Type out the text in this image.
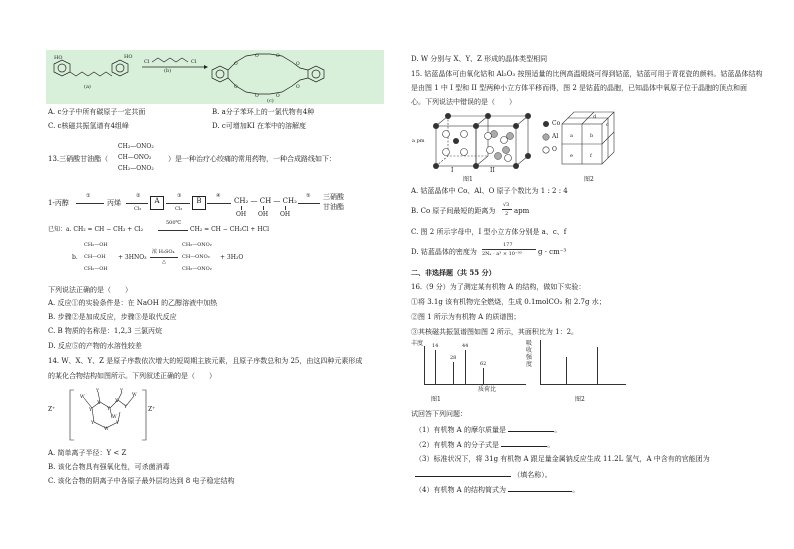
HO	HO
(a)
Cl	Cl
(b)
O
O	O
O
O
O	O
O
(c)
A. c分子中所有碳原子一定共面	B. a分子苯环上的一氯代物有4种
C. c核磁共振氢谱有4组峰	D. c可增加KI 在苯中的溶解度
13.三硝酸甘油酯（
CH₂—ONO₂
CH—ONO₂
CH₂—ONO₂
）是一种治疗心绞痛的常用药物，一种合成路线如下：
1-丙醇
①
丙烯
②
Cl₂
A
③
Cl₂
B
④
CH₂ — CH — CH₂
OH OH OH
⑤ 三硝酸
甘油酯
已知：a. CH₂ = CH − CH₃ + Cl₂
500℃
CH₂ = CH − CH₂Cl + HCl
b.
CH₂—OH
CH—OH
CH₂—OH
+ 3HNO₃
浓 H₂SO₄
△
CH₂—ONO₂
CH—ONO₂
CH₂—ONO₂
+ 3H₂O
下列说法正确的是（　　）
A. 反应①的实验条件是：在 NaOH 的乙醇溶液中加热
B. 步骤②是加成反应，步骤③是取代反应
C. B 物质的名称是：1,2,3 三氯丙烷
D. 反应⑤的产物的水溶性较差
14. W、X、Y、Z 是原子序数依次增大的短周期主族元素，且原子序数总和为 25，由这四种元素形成
的某化合物结构如图所示。下列叙述正确的是（　　）
W
Y
X
Y
X
Y
W
Y	Y
Y
W
Y
W
Z⁺	Z⁺
A. 简单离子半径：Y < Z
B. 该化合物具有强氧化性，可杀菌消毒
C. 该化合物的阴离子中各原子最外层均达到 8 电子稳定结构
D. W 分别与 X、Y、Z 形成的晶体类型相同
15. 钴蓝晶体可由氧化钴和 Al₂O₃ 按照适量的比例高温煅烧可得到钴蓝，钴蓝可用于青花瓷的颜料。钴蓝晶体结构
是由图 1 中 I 型和 II 型两种小立方体平移而得，图 2 是钴蓝的晶胞，已知晶体中氧原子位于晶胞的顶点和面
心。下列说法中错误的是（　　）
a pm
Co
Al
O
I	II
图1
d
a	b
c
e	f
图2
A. 钴蓝晶体中 Co、Al、O 原子个数比为 1 : 2 : 4
B. Co 原子间最短的距离为
√3
2 apm
C. 图 2 所示字母中，I 型小立方体分别是 a、c、f
D. 钴蓝晶体的密度为
177
2Nₐ · a³ × 10⁻³⁰ g · cm⁻³
二、非选择题（共 55 分）
16.（9 分）为了测定某有机物 A 的结构，做如下实验：
①将 3.1g 该有机物完全燃烧，生成 0.1molCO₂ 和 2.7g 水；
②图 1 所示为有机物 A 的质谱图；
③其核磁共振氢谱图如图 2 所示，其面积比为 1：2。
丰度 14
28
44
62
质荷比
图1
吸收强度
图2
试回答下列问题：
（1）有机物 A 的摩尔质量是	。
（2）有机物 A 的分子式是	。
（3）标准状况下，将 31g 有机物 A 跟足量金属钠反应生成 11.2L 氢气，A 中含有的官能团为
（填名称）。
（4）有机物 A 的结构简式为	。
